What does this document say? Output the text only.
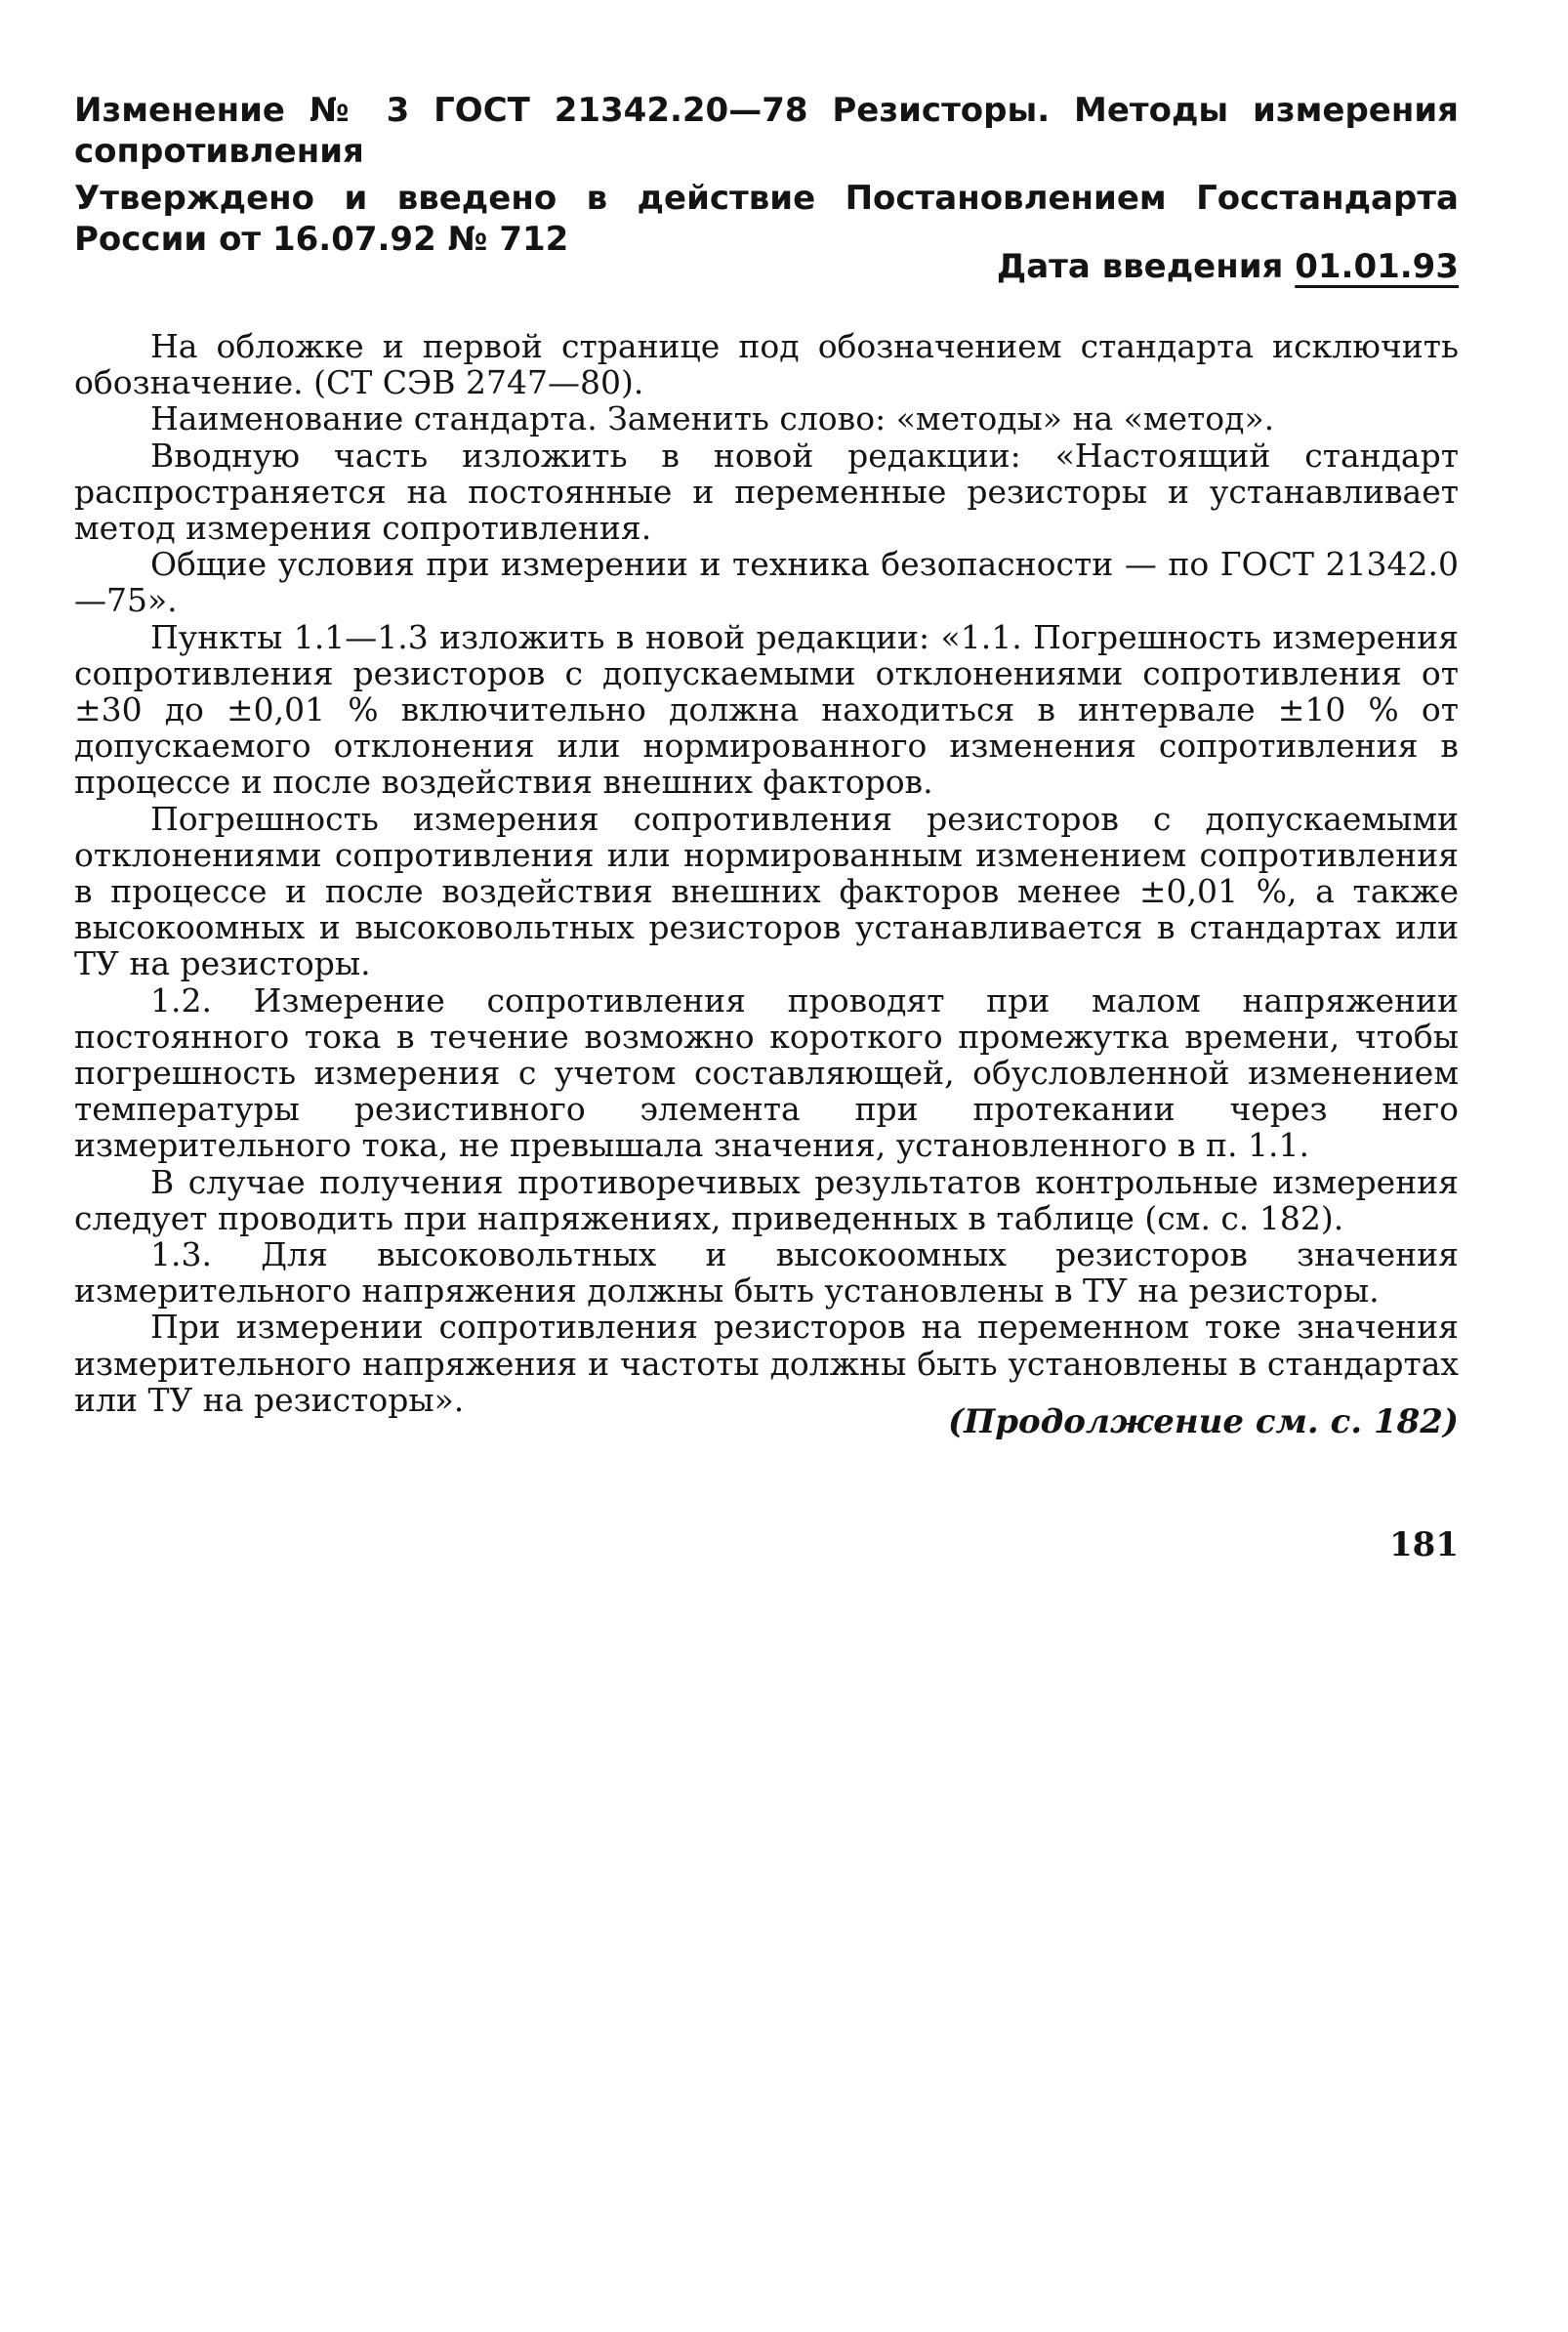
Изменение № 3 ГОСТ 21342.20—78 Резисторы. Методы измерения сопротивления

Утверждено и введено в действие Постановлением Госстандарта России от 16.07.92 № 712

Дата введения 01.01.93

На обложке и первой странице под обозначением стандарта исключить обозначение. (СТ СЭВ 2747—80).

Наименование стандарта. Заменить слово: «методы» на «метод».

Вводную часть изложить в новой редакции: «Настоящий стандарт распространяется на постоянные и переменные резисторы и устанавливает метод измерения сопротивления.

Общие условия при измерении и техника безопасности — по ГОСТ 21342.0—75».

Пункты 1.1—1.3 изложить в новой редакции: «1.1. Погрешность измерения сопротивления резисторов с допускаемыми отклонениями сопротивления от ±30 до ±0,01 % включительно должна находиться в интервале ±10 % от допускаемого отклонения или нормированного изменения сопротивления в процессе и после воздействия внешних факторов.

Погрешность измерения сопротивления резисторов с допускаемыми отклонениями сопротивления или нормированным изменением сопротивления в процессе и после воздействия внешних факторов менее ±0,01 %, а также высокоомных и высоковольтных резисторов устанавливается в стандартах или ТУ на резисторы.

1.2. Измерение сопротивления проводят при малом напряжении постоянного тока в течение возможно короткого промежутка времени, чтобы погрешность измерения с учетом составляющей, обусловленной изменением температуры резистивного элемента при протекании через него измерительного тока, не превышала значения, установленного в п. 1.1.

В случае получения противоречивых результатов контрольные измерения следует проводить при напряжениях, приведенных в таблице (см. с. 182).

1.3. Для высоковольтных и высокоомных резисторов значения измерительного напряжения должны быть установлены в ТУ на резисторы.

При измерении сопротивления резисторов на переменном токе значения измерительного напряжения и частоты должны быть установлены в стандартах или ТУ на резисторы».

(Продолжение см. с. 182)
181
